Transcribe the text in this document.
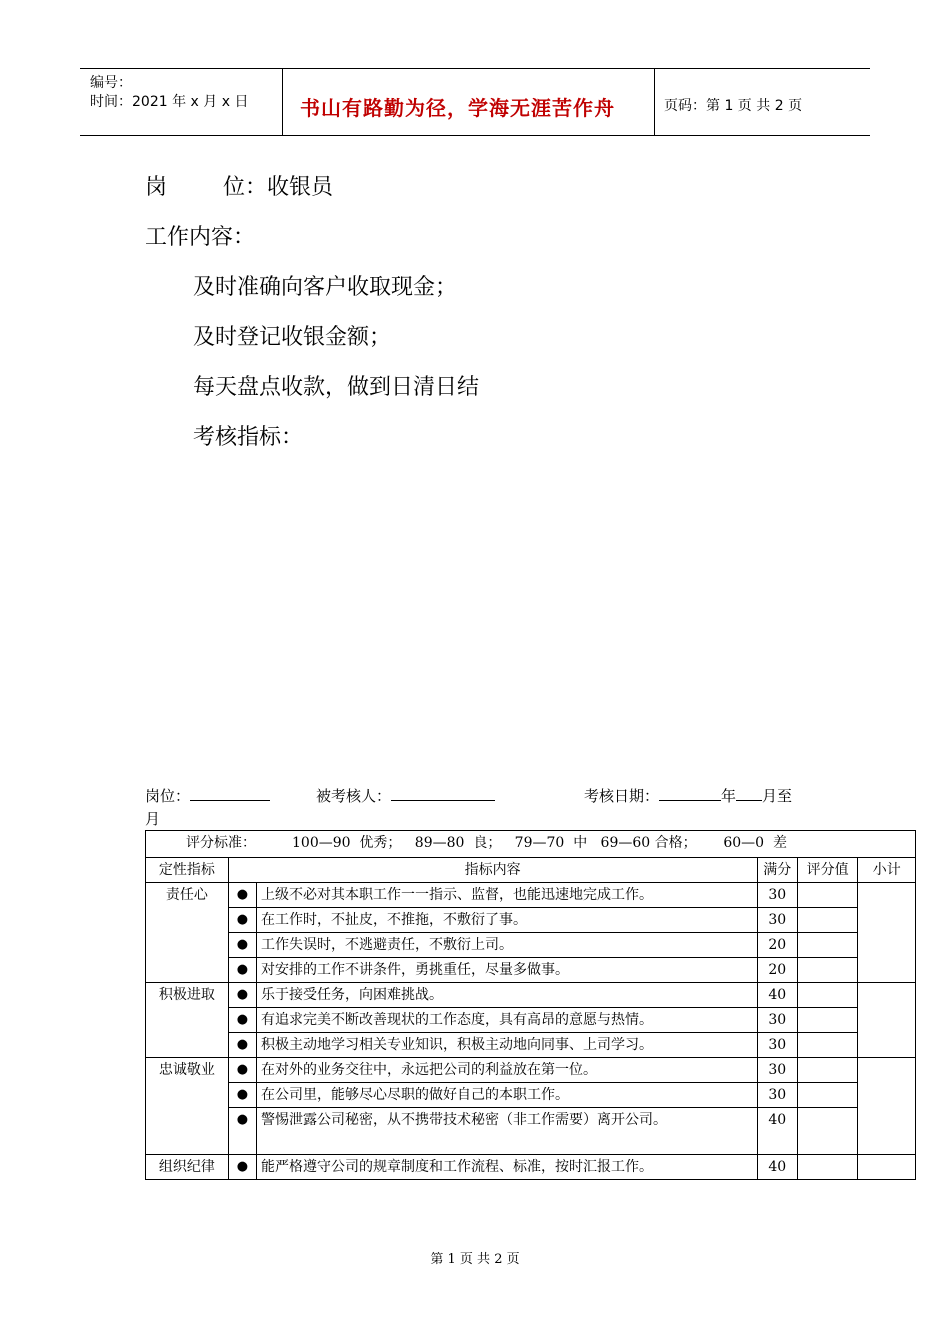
编号：
时间：2021 年 x 月 x 日	书山有路勤为径，学海无涯苦作舟	页码：第 1 页 共 2 页
岗        位：收银员
工作内容：
及时准确向客户收取现金；
及时登记收银金额；
每天盘点收款，做到日清日结
考核指标：
岗位：	被考核人：	考核日期：	年 月至
月
评分标准： 100—90  优秀；   89—80  良；   79—70  中   69—60 合格；      60—0  差					
定性指标	指标内容		满分	评分值	小计
责任心	●	上级不必对其本职工作一一指示、监督，也能迅速地完成工作。	30		
	●	在工作时，不扯皮，不推拖，不敷衍了事。	30		
	●	工作失误时，不逃避责任，不敷衍上司。	20		
	●	对安排的工作不讲条件，勇挑重任，尽量多做事。	20		
积极进取	●	乐于接受任务，向困难挑战。	40		
	●	有追求完美不断改善现状的工作态度，具有高昂的意愿与热情。	30		
	●	积极主动地学习相关专业知识，积极主动地向同事、上司学习。	30		
忠诚敬业	●	在对外的业务交往中，永远把公司的利益放在第一位。	30		
	●	在公司里，能够尽心尽职的做好自己的本职工作。	30		
	●	警惕泄露公司秘密，从不携带技术秘密（非工作需要）离开公司。	40		
组织纪律	●	能严格遵守公司的规章制度和工作流程、标准，按时汇报工作。	40		
第 1 页 共 2 页
